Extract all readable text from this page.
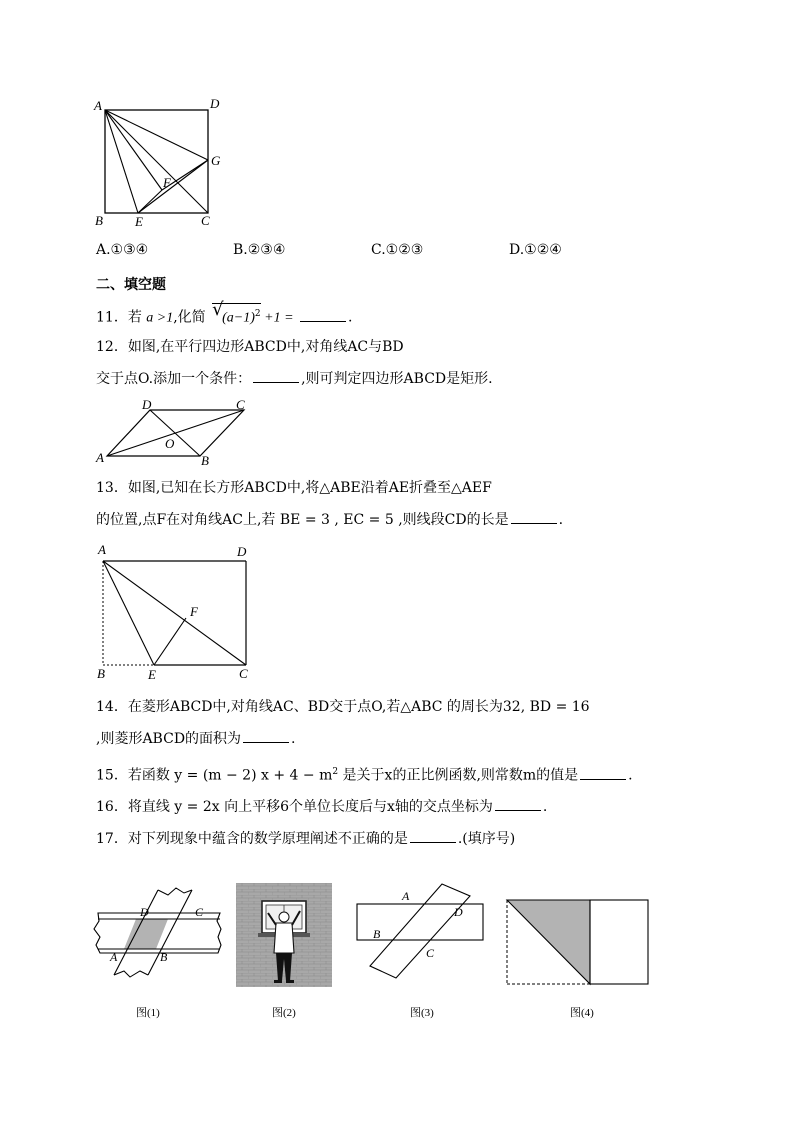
A	D
G
F
B E	C
A.①③④	B.②③④	C.①②③	D.①②④
二、填空题
11．若 a >1,化简 √
$(a-1)^2 +1$ =	.
12．如图,在平行四边形ABCD中,对角线AC与BD
交于点O.添加一个条件：	,则可判定四边形ABCD是矩形.
D	C
O
A	B
13．如图,已知在长方形ABCD中,将△ABE沿着AE折叠至△AEF
的位置,点F在对角线AC上,若 BE = 3 , EC = 5 ,则线段CD的长是	.
A	D
F
B	E	C
14．在菱形ABCD中,对角线AC、BD交于点O,若△ABC 的周长为32, BD = 16
,则菱形ABCD的面积为	.
15．若函数 y = (m − 2) $x + 4 - m^2$ 是关于x的正比例函数,则常数m的值是	.
16．将直线 y = 2x 向上平移6个单位长度后与x轴的交点坐标为	.
17．对下列现象中蕴含的数学原理阐述不正确的是	.(填序号)
D	C
A	B
A
D
B
C
图(1)	图(2)	图(3)	图(4)
